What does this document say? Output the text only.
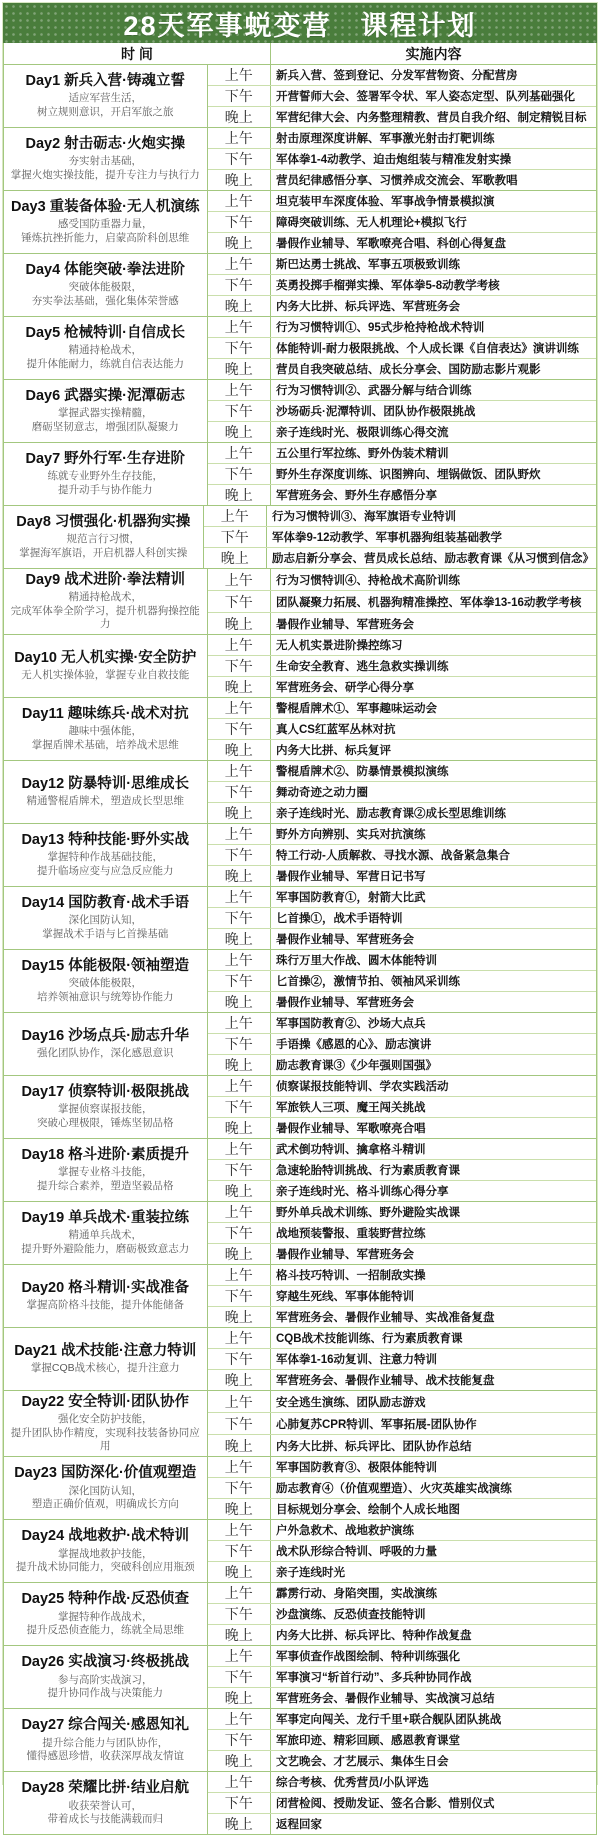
28天军事蜕变营　课程计划
时 间	实施内容
Day1 新兵入营·铸魂立誓
适应军营生活，
树立规则意识，开启军旅之旅
上午	新兵入营、签到登记、分发军营物资、分配营房
下午	开营誓师大会、签署军令状、军人姿态定型、队列基础强化
晚上	军营纪律大会、内务整理精教、营员自我介绍、制定精锐目标
Day2 射击砺志·火炮实操
夯实射击基础，
掌握火炮实操技能，提升专注力与执行力
上午	射击原理深度讲解、军事激光射击打靶训练
下午	军体拳1-4动教学、迫击炮组装与精准发射实操
晚上	营员纪律感悟分享、习惯养成交流会、军歌教唱
Day3 重装备体验·无人机演练
感受国防重器力量，
锤炼抗挫折能力，启蒙高阶科创思维
上午	坦克装甲车深度体验、军事战争情景模拟演
下午	障碍突破训练、无人机理论+模拟飞行
晚上	暑假作业辅导、军歌嘹亮合唱、科创心得复盘
Day4 体能突破·拳法进阶
突破体能极限，
夯实拳法基础，强化集体荣誉感
上午	斯巴达勇士挑战、军事五项极致训练
下午	英勇投掷手榴弹实操、军体拳5-8动教学考核
晚上	内务大比拼、标兵评选、军营班务会
Day5 枪械特训·自信成长
精通持枪战术，
提升体能耐力，练就自信表达能力
上午	行为习惯特训①、95式步枪持枪战术特训
下午	体能特训-耐力极限挑战、个人成长课《自信表达》演讲训练
晚上	营员自我突破总结、成长分享会、国防励志影片观影
Day6 武器实操·泥潭砺志
掌握武器实操精髓，
磨砺坚韧意志，增强团队凝聚力
上午	行为习惯特训②、武器分解与结合训练
下午	沙场砺兵·泥潭特训、团队协作极限挑战
晚上	亲子连线时光、极限训练心得交流
Day7 野外行军·生存进阶
练就专业野外生存技能，
提升动手与协作能力
上午	五公里行军拉练、野外伪装术精训
下午	野外生存深度训练、识图辨向、埋锅做饭、团队野炊
晚上	军营班务会、野外生存感悟分享
Day8 习惯强化·机器狗实操
规范言行习惯，
掌握海军旗语，开启机器人科创实操
上午	行为习惯特训③、海军旗语专业特训
下午	军体拳9-12动教学、军事机器狗组装基础教学
晚上	励志启新分享会、营员成长总结、励志教育课《从习惯到信念》
Day9 战术进阶·拳法精训
精通持枪战术，
完成军体拳全阶学习，提升机器狗操控能力
上午	行为习惯特训④、持枪战术高阶训练
下午	团队凝聚力拓展、机器狗精准操控、军体拳13-16动教学考核
晚上	暑假作业辅导、军营班务会
Day10 无人机实操·安全防护
无人机实操体验，掌握专业自救技能
上午	无人机实景进阶操控练习
下午	生命安全教育、逃生急救实操训练
晚上	军营班务会、研学心得分享
Day11 趣味练兵·战术对抗
趣味中强体能，
掌握盾牌术基础，培养战术思维
上午	警棍盾牌术①、军事趣味运动会
下午	真人CS红蓝军丛林对抗
晚上	内务大比拼、标兵复评
Day12 防暴特训·思维成长
精通警棍盾牌术，塑造成长型思维
上午	警棍盾牌术②、防暴情景模拟演练
下午	舞动奇迹之动力圈
晚上	亲子连线时光、励志教育课②成长型思维训练
Day13 特种技能·野外实战
掌握特种作战基础技能，
提升临场应变与应急反应能力
上午	野外方向辨别、实兵对抗演练
下午	特工行动-人质解救、寻找水源、战备紧急集合
晚上	暑假作业辅导、军营日记书写
Day14 国防教育·战术手语
深化国防认知，
掌握战术手语与匕首操基础
上午	军事国防教育①，射箭大比武
下午	匕首操①，战术手语特训
晚上	暑假作业辅导、军营班务会
Day15 体能极限·领袖塑造
突破体能极限，
培养领袖意识与统筹协作能力
上午	珠行万里大作战、圆木体能特训
下午	匕首操②，激情节拍、领袖风采训练
晚上	暑假作业辅导、军营班务会
Day16 沙场点兵·励志升华
强化团队协作，深化感恩意识
上午	军事国防教育②、沙场大点兵
下午	手语操《感恩的心》、励志演讲
晚上	励志教育课③《少年强则国强》
Day17 侦察特训·极限挑战
掌握侦察谋报技能，
突破心理极限，锤炼坚韧品格
上午	侦察谋报技能特训、学农实践活动
下午	军旅铁人三项、魔王闯关挑战
晚上	暑假作业辅导、军歌嘹亮合唱
Day18 格斗进阶·素质提升
掌握专业格斗技能，
提升综合素养，塑造坚毅品格
上午	武术倒功特训、擒拿格斗精训
下午	急速轮胎特训挑战、行为素质教育课
晚上	亲子连线时光、格斗训练心得分享
Day19 单兵战术·重装拉练
精通单兵战术，
提升野外避险能力，磨砺极致意志力
上午	野外单兵战术训练、野外避险实战课
下午	战地预装警报、重装野营拉练
晚上	暑假作业辅导、军营班务会
Day20 格斗精训·实战准备
掌握高阶格斗技能，提升体能储备
上午	格斗技巧特训、一招制敌实操
下午	穿越生死线、军事体能特训
晚上	军营班务会、暑假作业辅导、实战准备复盘
Day21 战术技能·注意力特训
掌握CQB战术核心，提升注意力
上午	CQB战术技能训练、行为素质教育课
下午	军体拳1-16动复训、注意力特训
晚上	军营班务会、暑假作业辅导、战术技能复盘
Day22 安全特训·团队协作
强化安全防护技能，
提升团队协作精度，实现科技装备协同应用
上午	安全逃生演练、团队励志游戏
下午	心肺复苏CPR特训、军事拓展-团队协作
晚上	内务大比拼、标兵评比、团队协作总结
Day23 国防深化·价值观塑造
深化国防认知，
塑造正确价值观，明确成长方向
上午	军事国防教育③、极限体能特训
下午	励志教育④（价值观塑造）、火灾英雄实战演练
晚上	目标规划分享会、绘制个人成长地图
Day24 战地救护·战术特训
掌握战地救护技能，
提升战术协同能力，突破科创应用瓶颈
上午	户外急救术、战地救护演练
下午	战术队形综合特训、呼吸的力量
晚上	亲子连线时光
Day25 特种作战·反恐侦查
掌握特种作战战术，
提升反恐侦查能力，练就全局思维
上午	霹雳行动、身陷突围，实战演练
下午	沙盘演练、反恐侦查技能特训
晚上	内务大比拼、标兵评比、特种作战复盘
Day26 实战演习·终极挑战
参与高阶实战演习，
提升协同作战与决策能力
上午	军事侦查作战图绘制、特种训练强化
下午	军事演习“斩首行动”、多兵种协同作战
晚上	军营班务会、暑假作业辅导、实战演习总结
Day27 综合闯关·感恩知礼
提升综合能力与团队协作，
懂得感恩珍惜，收获深厚战友情谊
上午	军事定向闯关、龙行千里+联合舰队团队挑战
下午	军旅印迹、精彩回顾、感恩教育课堂
晚上	文艺晚会、才艺展示、集体生日会
Day28 荣耀比拼·结业启航
收获荣誉认可，
带着成长与技能满载而归
上午	综合考核、优秀营员/小队评选
下午	闭营检阅、授勋发证、签名合影、惜别仪式
晚上	返程回家
